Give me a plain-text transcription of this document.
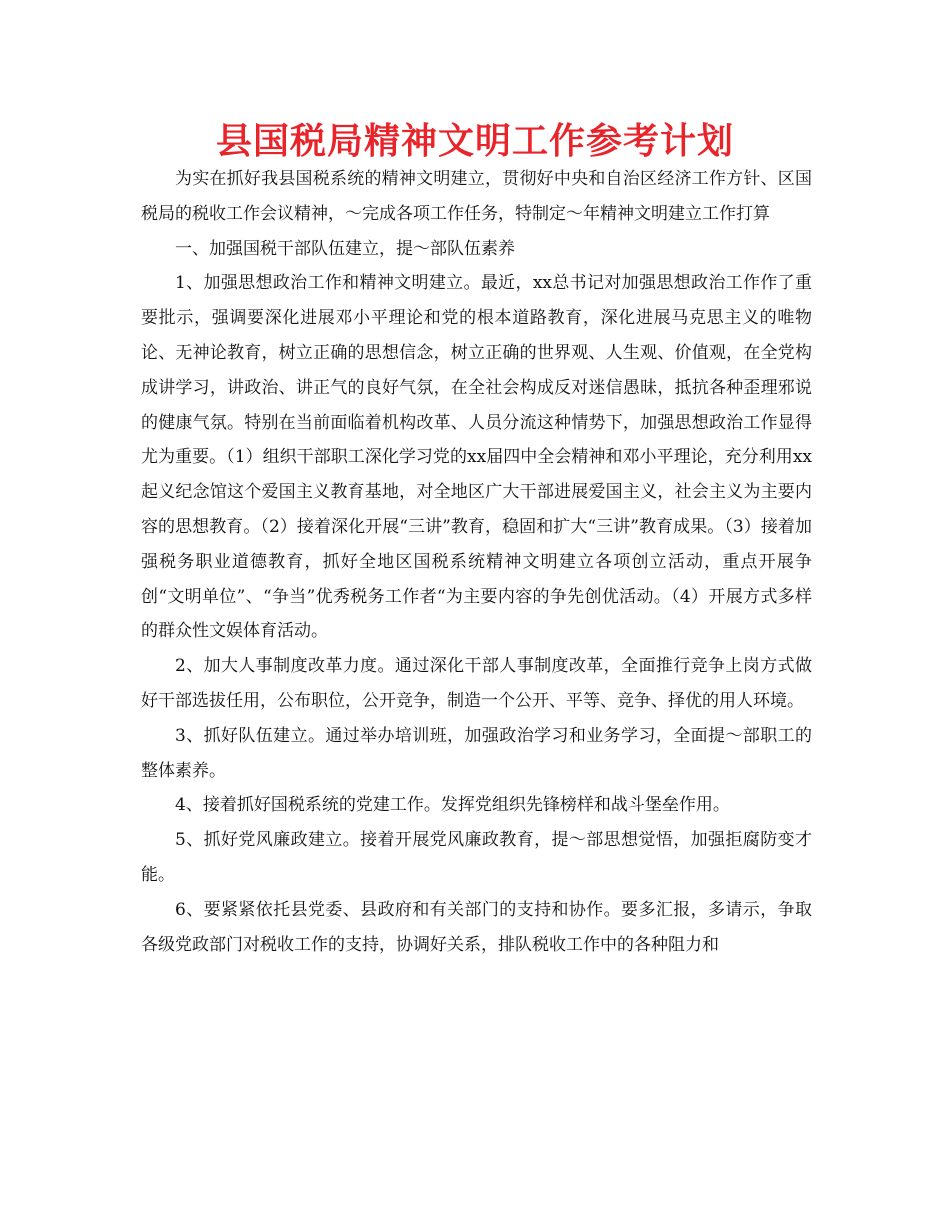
县国税局精神文明工作参考计划

为实在抓好我县国税系统的精神文明建立，贯彻好中央和自治区经济工作方针、区国税局的税收工作会议精神，～完成各项工作任务，特制定～年精神文明建立工作打算

一、加强国税干部队伍建立，提～部队伍素养

1、加强思想政治工作和精神文明建立。最近，xx总书记对加强思想政治工作作了重要批示，强调要深化进展邓小平理论和党的根本道路教育，深化进展马克思主义的唯物论、无神论教育，树立正确的思想信念，树立正确的世界观、人生观、价值观，在全党构成讲学习，讲政治、讲正气的良好气氛，在全社会构成反对迷信愚昧，抵抗各种歪理邪说的健康气氛。特别在当前面临着机构改革、人员分流这种情势下，加强思想政治工作显得尤为重要。（1）组织干部职工深化学习党的xx届四中全会精神和邓小平理论，充分利用xx起义纪念馆这个爱国主义教育基地，对全地区广大干部进展爱国主义，社会主义为主要内容的思想教育。（2）接着深化开展“三讲”教育，稳固和扩大“三讲”教育成果。（3）接着加强税务职业道德教育，抓好全地区国税系统精神文明建立各项创立活动，重点开展争创“文明单位”、“争当”优秀税务工作者“为主要内容的争先创优活动。（4）开展方式多样的群众性文娱体育活动。

2、加大人事制度改革力度。通过深化干部人事制度改革，全面推行竞争上岗方式做好干部选拔任用，公布职位，公开竞争，制造一个公开、平等、竞争、择优的用人环境。

3、抓好队伍建立。通过举办培训班，加强政治学习和业务学习，全面提～部职工的整体素养。

4、接着抓好国税系统的党建工作。发挥党组织先锋榜样和战斗堡垒作用。

5、抓好党风廉政建立。接着开展党风廉政教育，提～部思想觉悟，加强拒腐防变才能。

6、要紧紧依托县党委、县政府和有关部门的支持和协作。要多汇报，多请示，争取各级党政部门对税收工作的支持，协调好关系，排队税收工作中的各种阻力和
